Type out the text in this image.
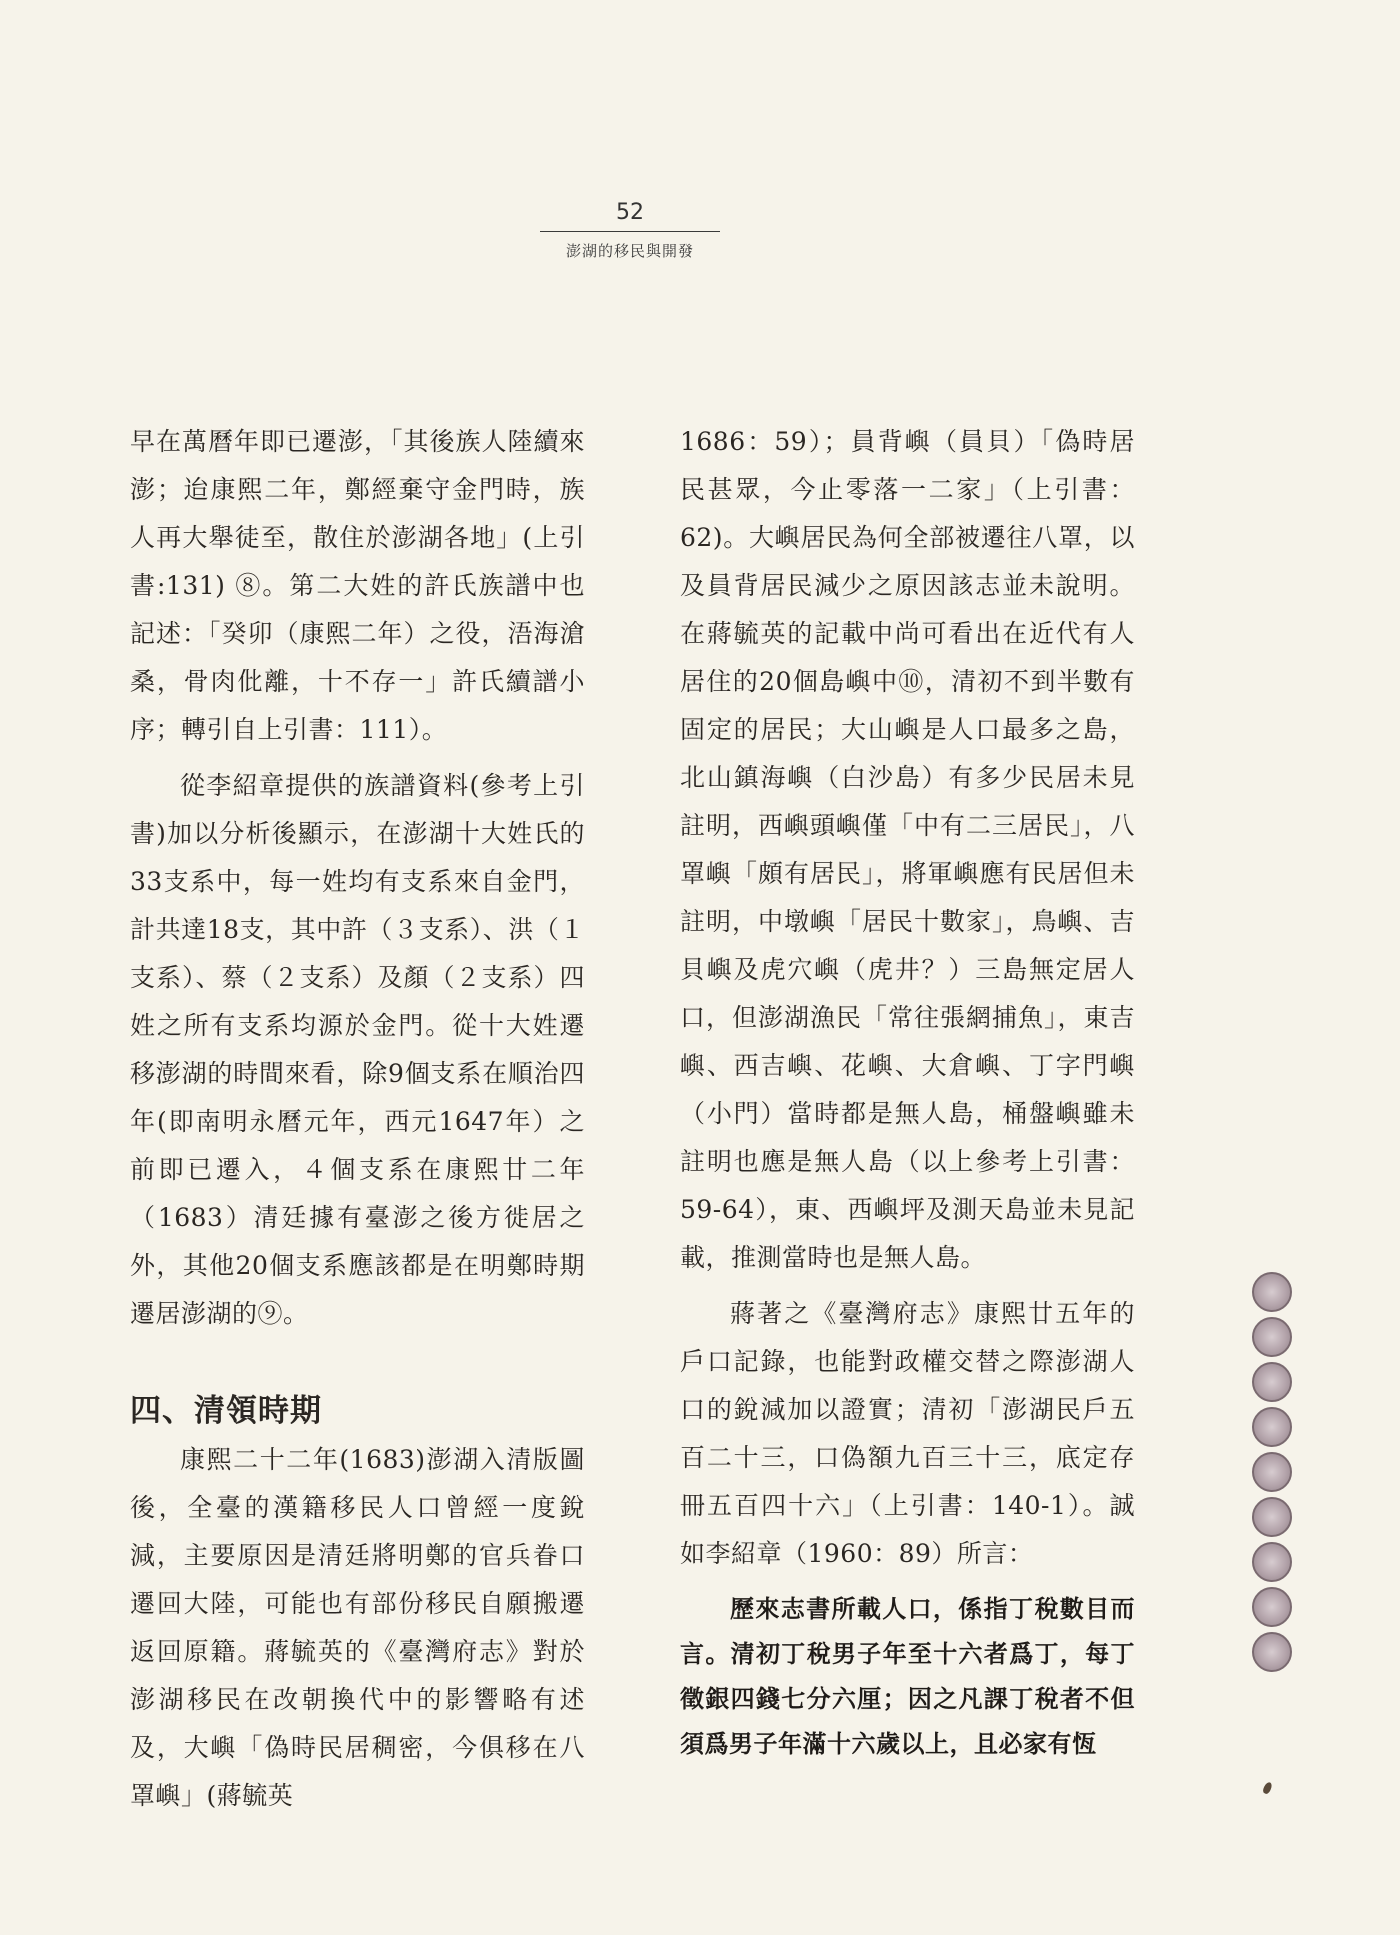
52
澎湖的移民與開發

早在萬曆年即已遷澎，「其後族人陸續來澎；迨康熙二年，鄭經棄守金門時，族人再大舉徒至，散住於澎湖各地」(上引書:131) ⑧。第二大姓的許氏族譜中也記述：「癸卯（康熙二年）之役，浯海滄桑，骨肉仳離，十不存一」許氏續譜小序；轉引自上引書：111）。

從李紹章提供的族譜資料(參考上引書)加以分析後顯示，在澎湖十大姓氏的33支系中，每一姓均有支系來自金門，計共達18支，其中許（３支系）、洪（１支系）、蔡（２支系）及顏（２支系）四姓之所有支系均源於金門。從十大姓遷移澎湖的時間來看，除9個支系在順治四年(即南明永曆元年，西元1647年）之前即已遷入，４個支系在康熙廿二年（1683）清廷據有臺澎之後方徙居之外，其他20個支系應該都是在明鄭時期遷居澎湖的⑨。

四、清領時期

康熙二十二年(1683)澎湖入清版圖後，全臺的漢籍移民人口曾經一度銳減，主要原因是清廷將明鄭的官兵眷口遷回大陸，可能也有部份移民自願搬遷返回原籍。蔣毓英的《臺灣府志》對於澎湖移民在改朝換代中的影響略有述及，大嶼「偽時民居稠密，今俱移在八罩嶼」(蔣毓英

1686：59）；員背嶼（員貝）「偽時居民甚眾，今止零落一二家」（上引書：62)。大嶼居民為何全部被遷往八罩，以及員背居民減少之原因該志並未說明。在蔣毓英的記載中尚可看出在近代有人居住的20個島嶼中⑩，清初不到半數有固定的居民；大山嶼是人口最多之島，北山鎮海嶼（白沙島）有多少民居未見註明，西嶼頭嶼僅「中有二三居民」，八罩嶼「頗有居民」，將軍嶼應有民居但未註明，中墩嶼「居民十數家」，鳥嶼、吉貝嶼及虎穴嶼（虎井？）三島無定居人口，但澎湖漁民「常往張網捕魚」，東吉嶼、西吉嶼、花嶼、大倉嶼、丁字門嶼（小門）當時都是無人島，桶盤嶼雖未註明也應是無人島（以上參考上引書：59-64），東、西嶼坪及測天島並未見記載，推測當時也是無人島。

蔣著之《臺灣府志》康熙廿五年的戶口記錄，也能對政權交替之際澎湖人口的銳減加以證實；清初「澎湖民戶五百二十三，口偽額九百三十三，底定存冊五百四十六」（上引書：140-1）。誠如李紹章（1960：89）所言：

歷來志書所載人口，係指丁稅數目而言。清初丁稅男子年至十六者爲丁，每丁徵銀四錢七分六厘；因之凡課丁稅者不但須爲男子年滿十六歲以上，且必家有恆
